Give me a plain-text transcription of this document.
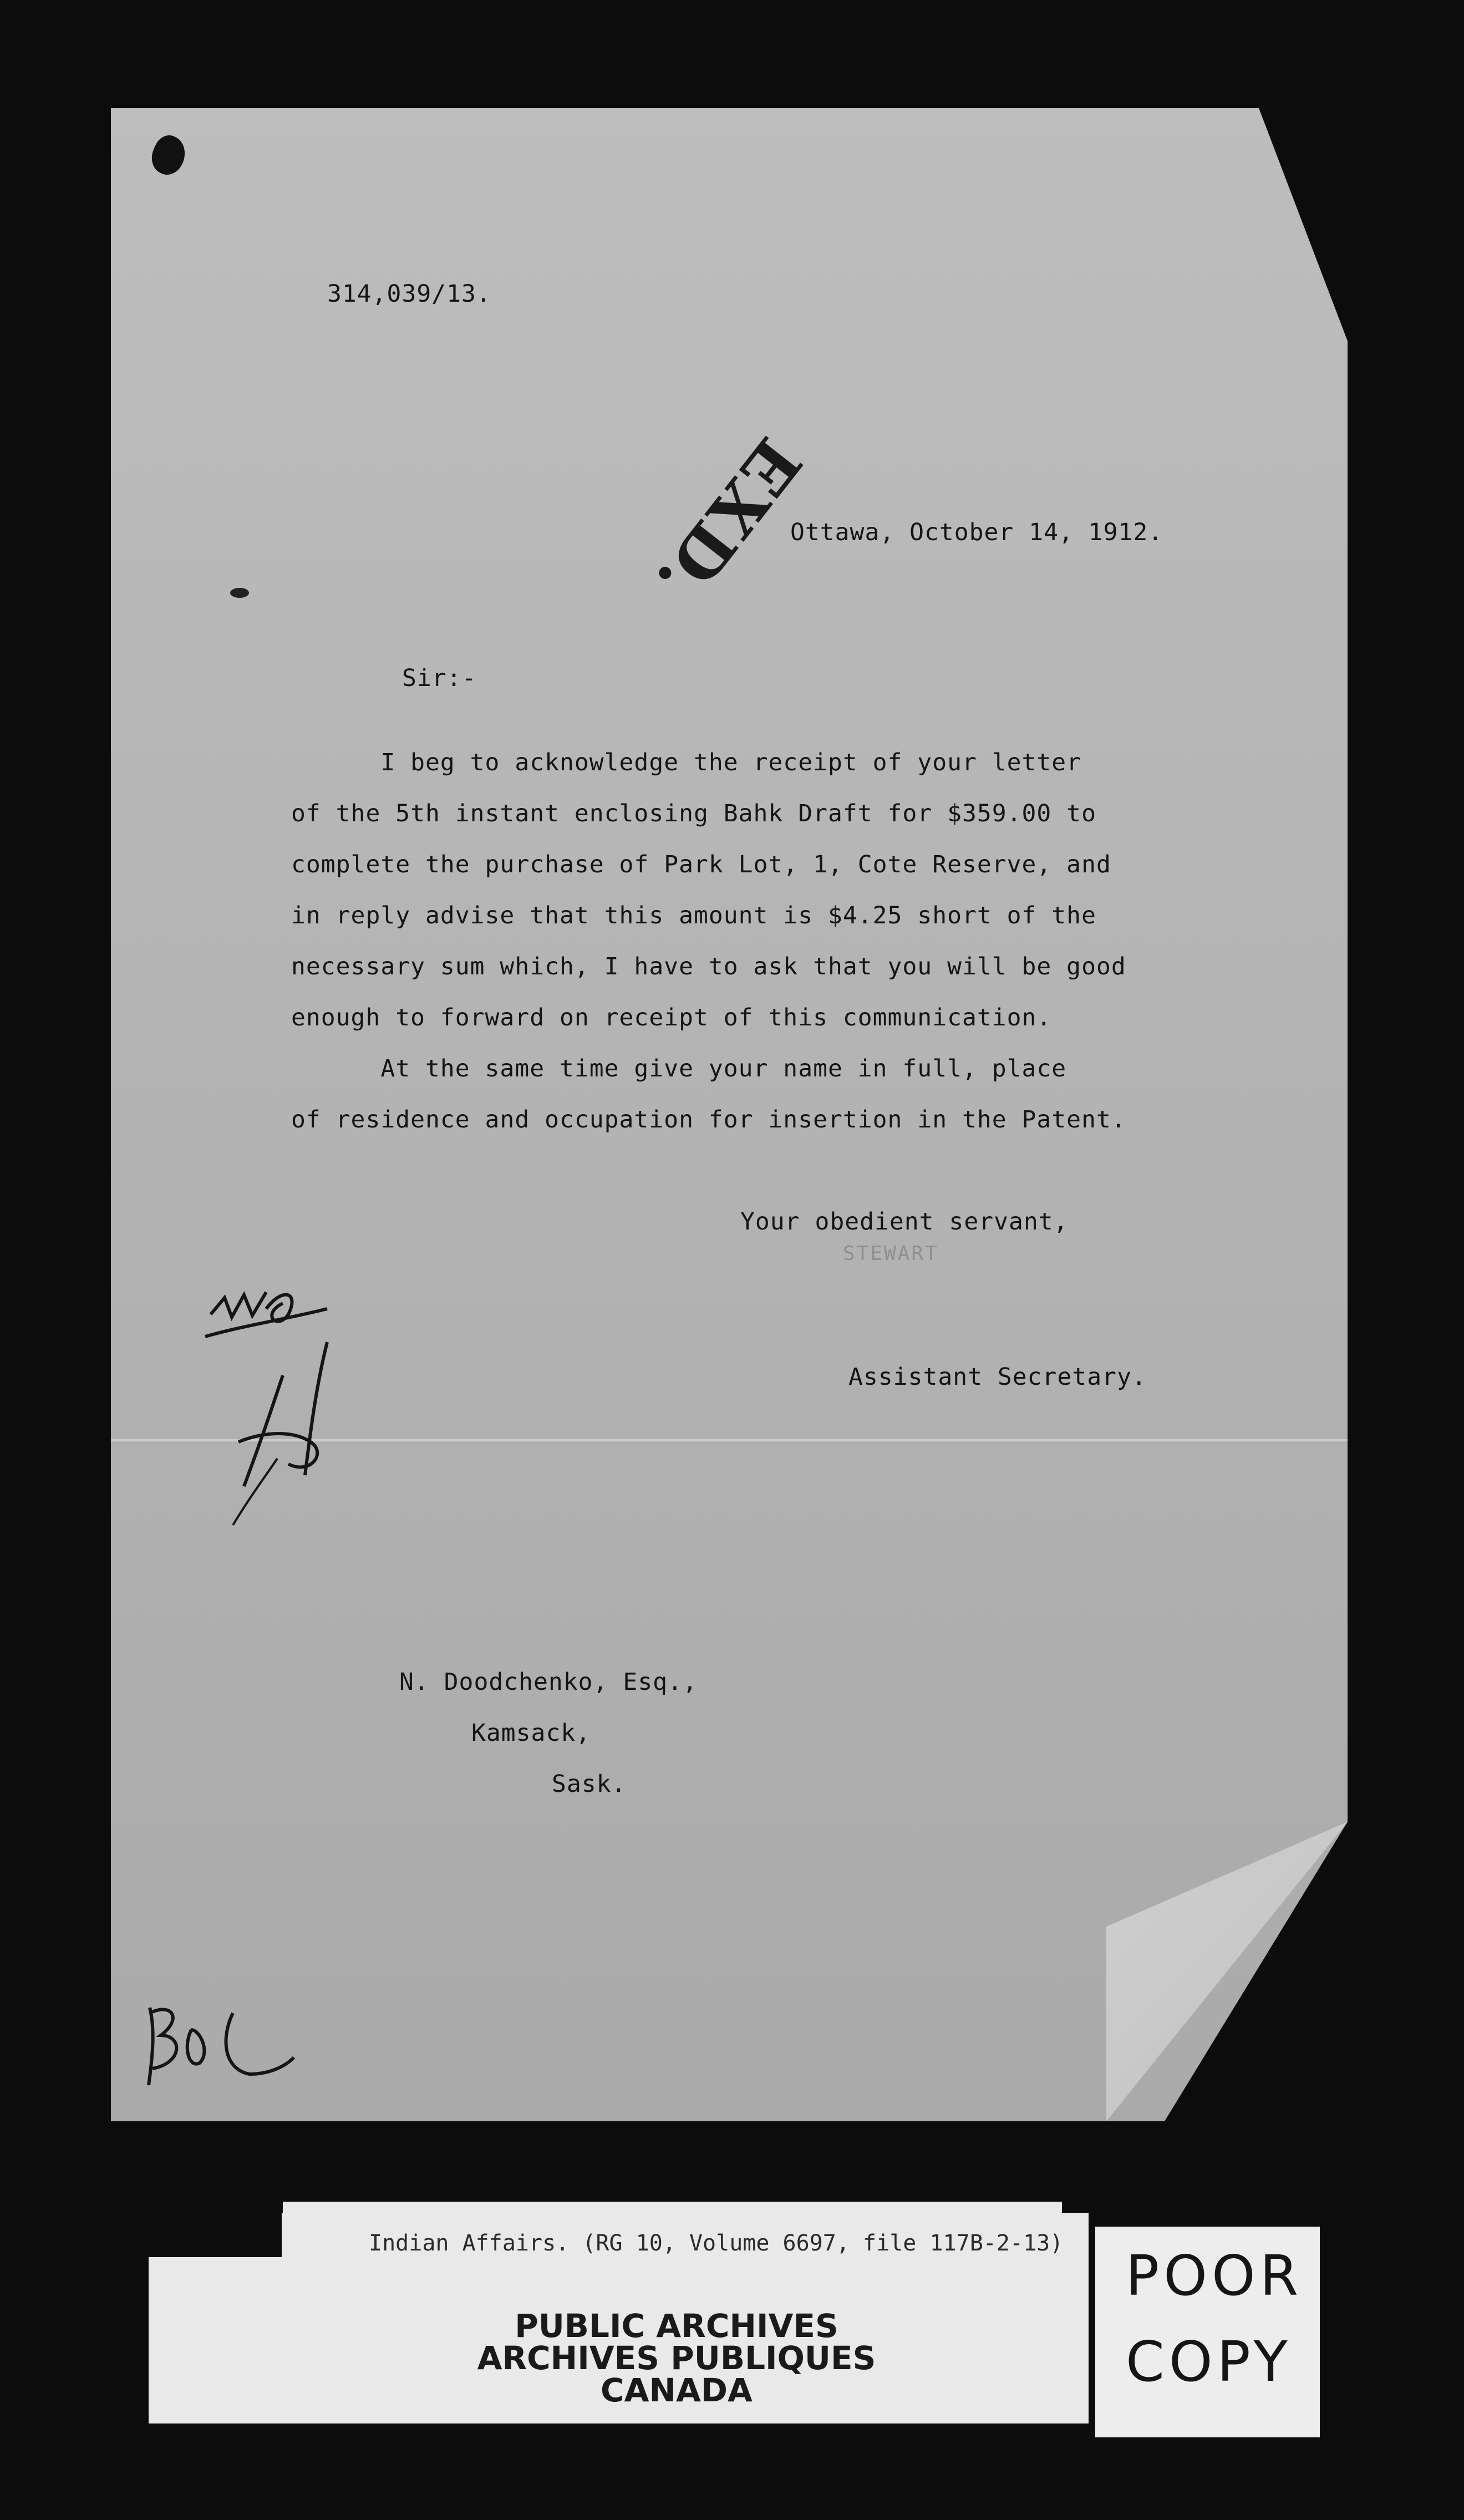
314,039/13.
EXD.
Ottawa, October 14, 1912.
Sir:-
I beg to acknowledge the receipt of your letter
of the 5th instant enclosing Bahk Draft for $359.00 to
complete the purchase of Park Lot, 1, Cote Reserve, and
in reply advise that this amount is $4.25 short of the
necessary sum which, I have to ask that you will be good
enough to forward on receipt of this communication.
At the same time give your name in full, place
of residence and occupation for insertion in the Patent.
Your obedient servant,
STEWART
Assistant Secretary.
N. Doodchenko, Esq.,
Kamsack,
Sask.
Indian Affairs. (RG 10, Volume 6697, file 117B-2-13)
PUBLIC ARCHIVES
ARCHIVES PUBLIQUES
CANADA
POOR
COPY
